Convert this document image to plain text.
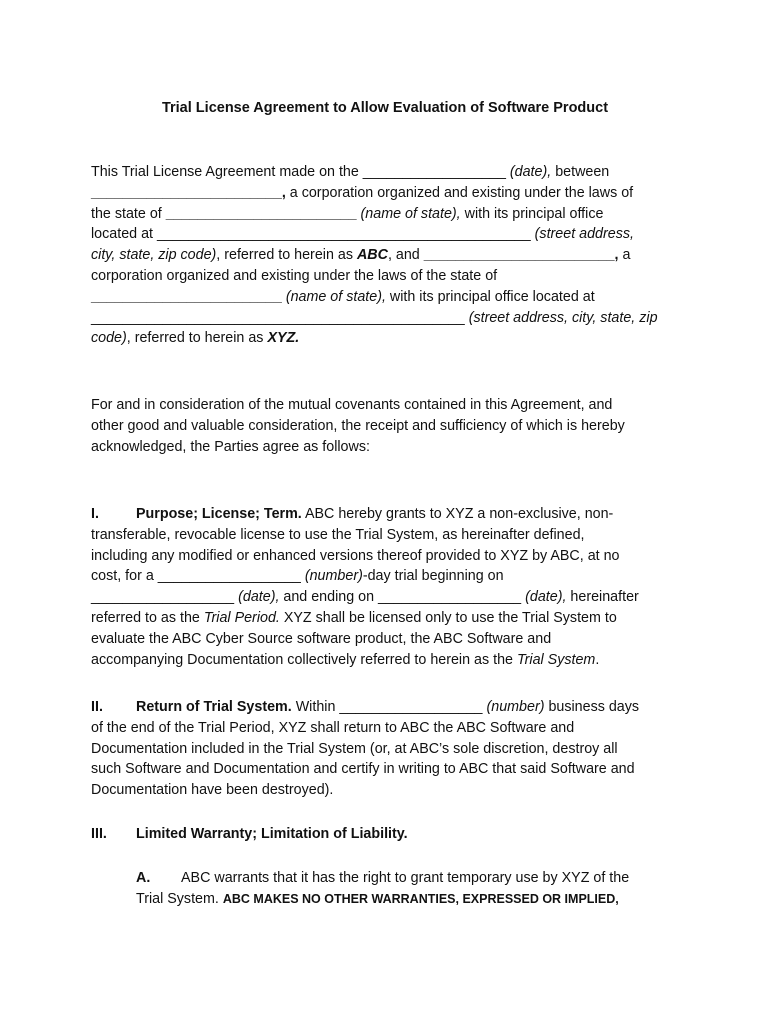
Trial License Agreement to Allow Evaluation of Software Product
This Trial License Agreement made on the __________________ (date), between
________________________, a corporation organized and existing under the laws of
the state of ________________________ (name of state), with its principal office
located at _______________________________________________ (street address,
city, state, zip code), referred to herein as ABC, and ________________________, a
corporation organized and existing under the laws of the state of
________________________ (name of state), with its principal office located at
_______________________________________________ (street address, city, state, zip
code), referred to herein as XYZ.
For and in consideration of the mutual covenants contained in this Agreement, and
other good and valuable consideration, the receipt and sufficiency of which is hereby
acknowledged, the Parties agree as follows:
I.	Purpose; License; Term. ABC hereby grants to XYZ a non-exclusive, non-
transferable, revocable license to use the Trial System, as hereinafter defined,
including any modified or enhanced versions thereof provided to XYZ by ABC, at no
cost, for a __________________ (number)-day trial beginning on
__________________ (date), and ending on __________________ (date), hereinafter
referred to as the Trial Period. XYZ shall be licensed only to use the Trial System to
evaluate the ABC Cyber Source software product, the ABC Software and
accompanying Documentation collectively referred to herein as the Trial System.
II. Return of Trial System. Within __________________ (number) business days
of the end of the Trial Period, XYZ shall return to ABC the ABC Software and
Documentation included in the Trial System (or, at ABC’s sole discretion, destroy all
such Software and Documentation and certify in writing to ABC that said Software and
Documentation have been destroyed).
III. Limited Warranty; Limitation of Liability.
A. ABC warrants that it has the right to grant temporary use by XYZ of the
Trial System. ABC MAKES NO OTHER WARRANTIES, EXPRESSED OR IMPLIED,
